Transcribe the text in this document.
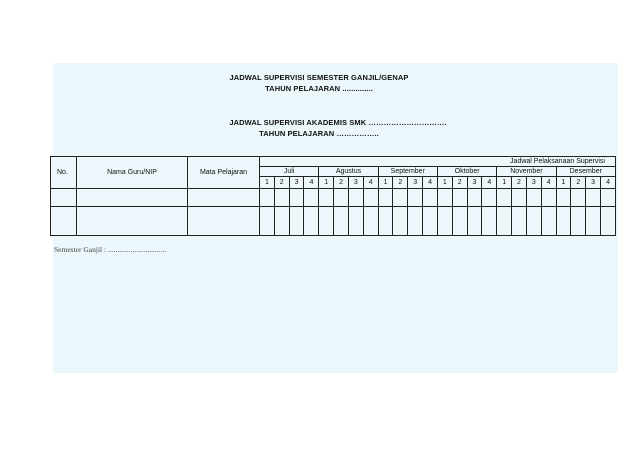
JADWAL SUPERVISI SEMESTER GANJIL/GENAP
TAHUN PELAJARAN ..............
JADWAL SUPERVISI AKADEMIS SMK ………………………….
TAHUN PELAJARAN ……………..
No.	Nama Guru/NIP	Mata Pelajaran	Jadwal Pelaksanaan Supervisi																							
			Juli				Agustus				September				Oktober				November				Desember			
			1	2	3	4	1	2	3	4	1	2	3	4	1	2	3	4	1	2	3	4	1	2	3	4

Semester Ganjil : ...............................
